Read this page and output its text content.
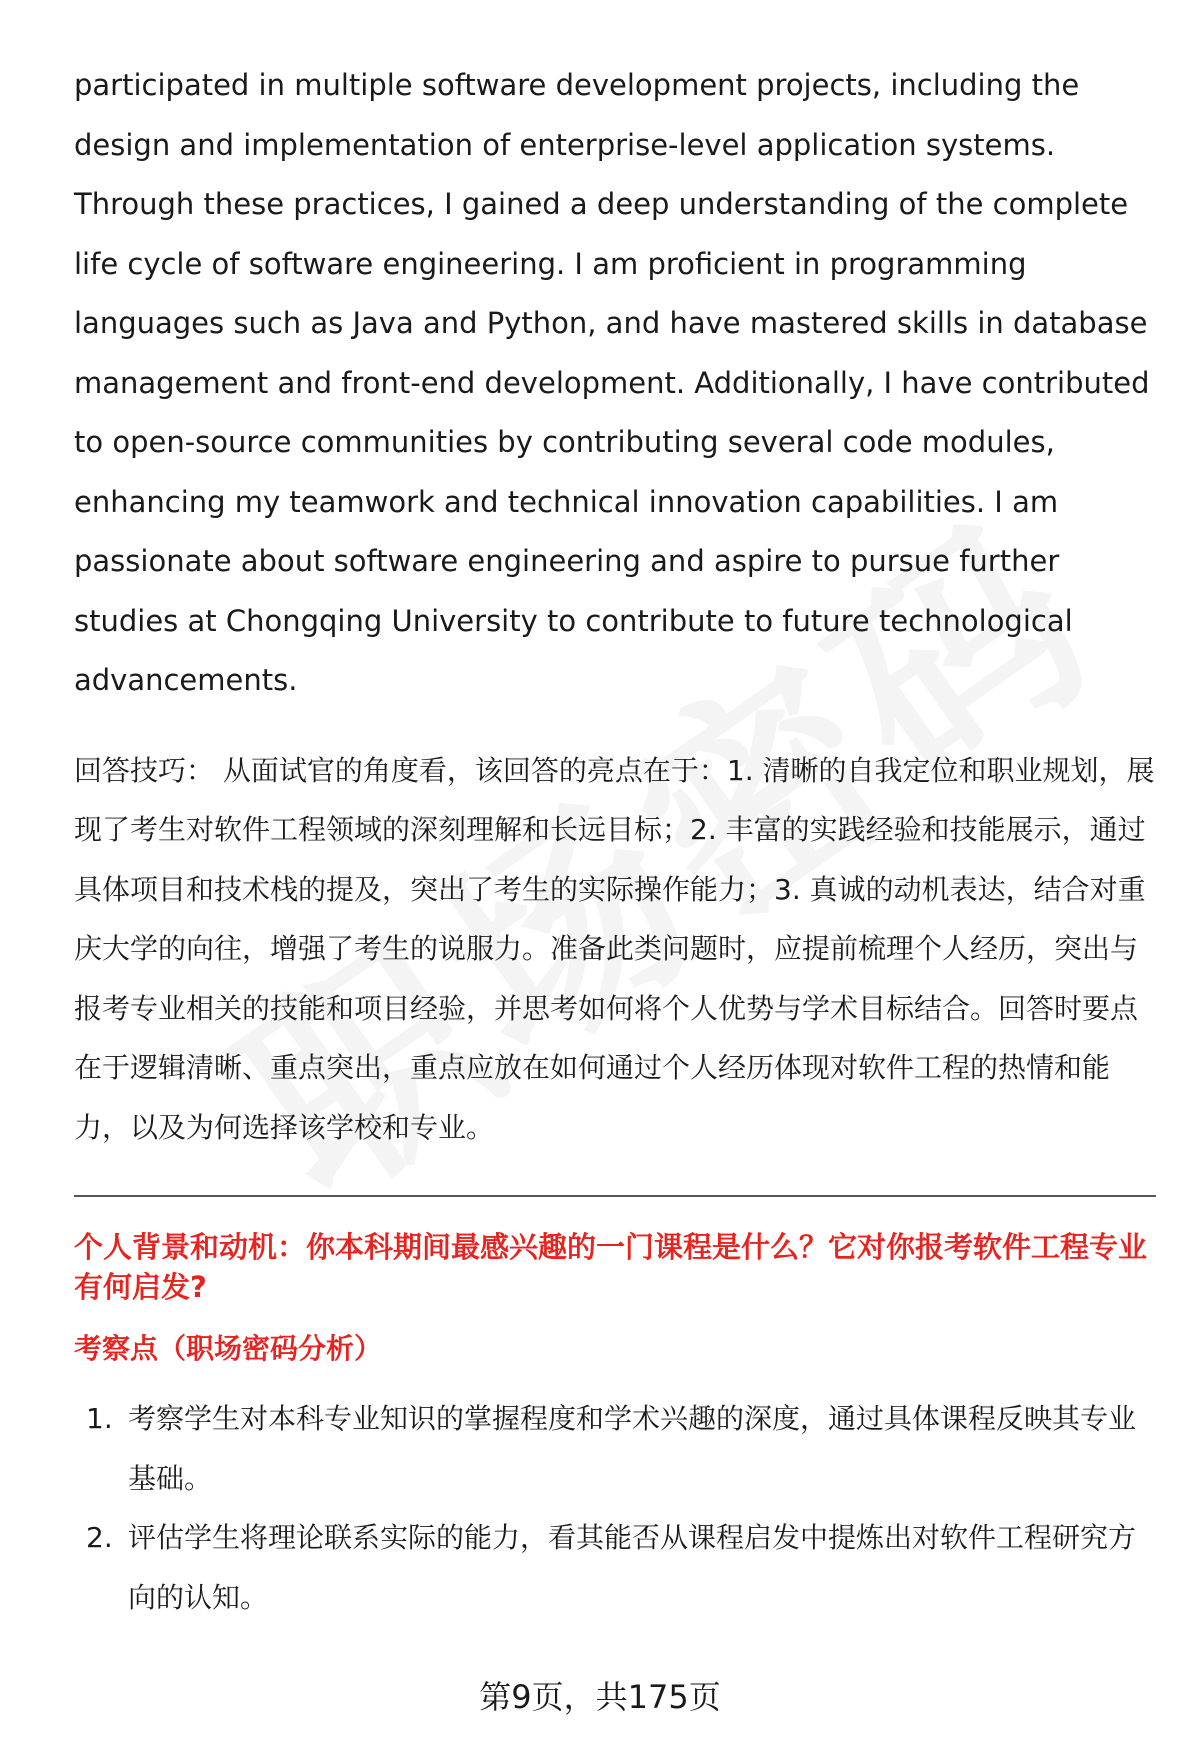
participated in multiple software development projects, including the design and implementation of enterprise-level application systems. Through these practices, I gained a deep understanding of the complete life cycle of software engineering. I am proficient in programming languages such as Java and Python, and have mastered skills in database management and front-end development. Additionally, I have contributed to open-source communities by contributing several code modules, enhancing my teamwork and technical innovation capabilities. I am passionate about software engineering and aspire to pursue further studies at Chongqing University to contribute to future technological advancements.

回答技巧： 从面试官的角度看，该回答的亮点在于：1. 清晰的自我定位和职业规划，展现了考生对软件工程领域的深刻理解和长远目标；2. 丰富的实践经验和技能展示，通过具体项目和技术栈的提及，突出了考生的实际操作能力；3. 真诚的动机表达，结合对重庆大学的向往，增强了考生的说服力。准备此类问题时，应提前梳理个人经历，突出与报考专业相关的技能和项目经验，并思考如何将个人优势与学术目标结合。回答时要点在于逻辑清晰、重点突出，重点应放在如何通过个人经历体现对软件工程的热情和能力，以及为何选择该学校和专业。

个人背景和动机：你本科期间最感兴趣的一门课程是什么？它对你报考软件工程专业有何启发?

考察点（职场密码分析）

1. 考察学生对本科专业知识的掌握程度和学术兴趣的深度，通过具体课程反映其专业基础。
2. 评估学生将理论联系实际的能力，看其能否从课程启发中提炼出对软件工程研究方向的认知。
第9页，共175页
